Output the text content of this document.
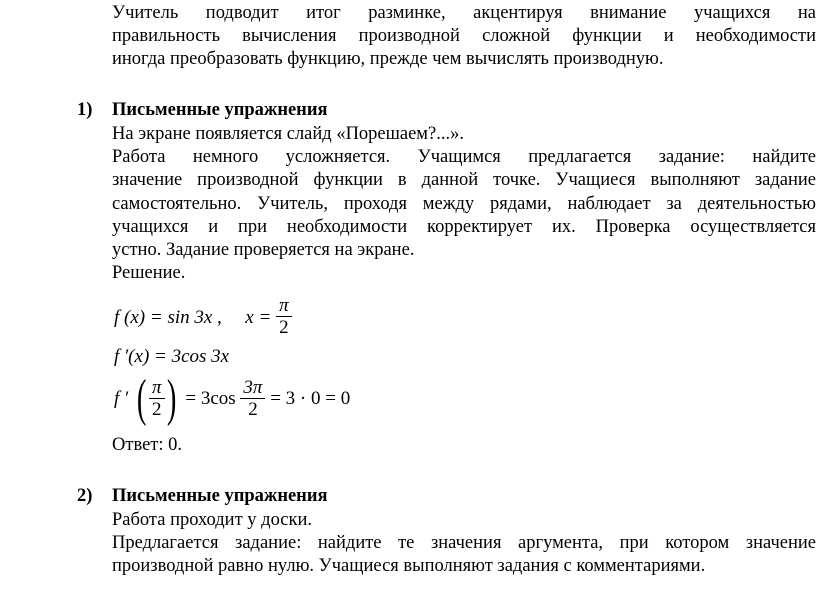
Учитель подводит итог разминке, акцентируя внимание учащихся на
правильность вычисления производной сложной функции и необходимости
иногда преобразовать функцию, прежде чем вычислять производную.
1) Письменные упражнения
На экране появляется слайд «Порешаем?...».
Работа немного усложняется. Учащимся предлагается задание: найдите
значение производной функции в данной точке. Учащиеся выполняют задание
самостоятельно. Учитель, проходя между рядами, наблюдает за деятельностью
учащихся и при необходимости корректирует их. Проверка осуществляется
устно. Задание проверяется на экране.
Решение.
f (x) = sin 3x , $x = \frac{\pi}{2}$
f ′(x) = 3cos 3x
f ′ ( $\frac{\pi}{2}$ ) = $3\cos \frac{3\pi}{2} = 3 \cdot 0 = 0$
Ответ: 0.
2) Письменные упражнения
Работа проходит у доски.
Предлагается задание: найдите те значения аргумента, при котором значение
производной равно нулю. Учащиеся выполняют задания с комментариями.
